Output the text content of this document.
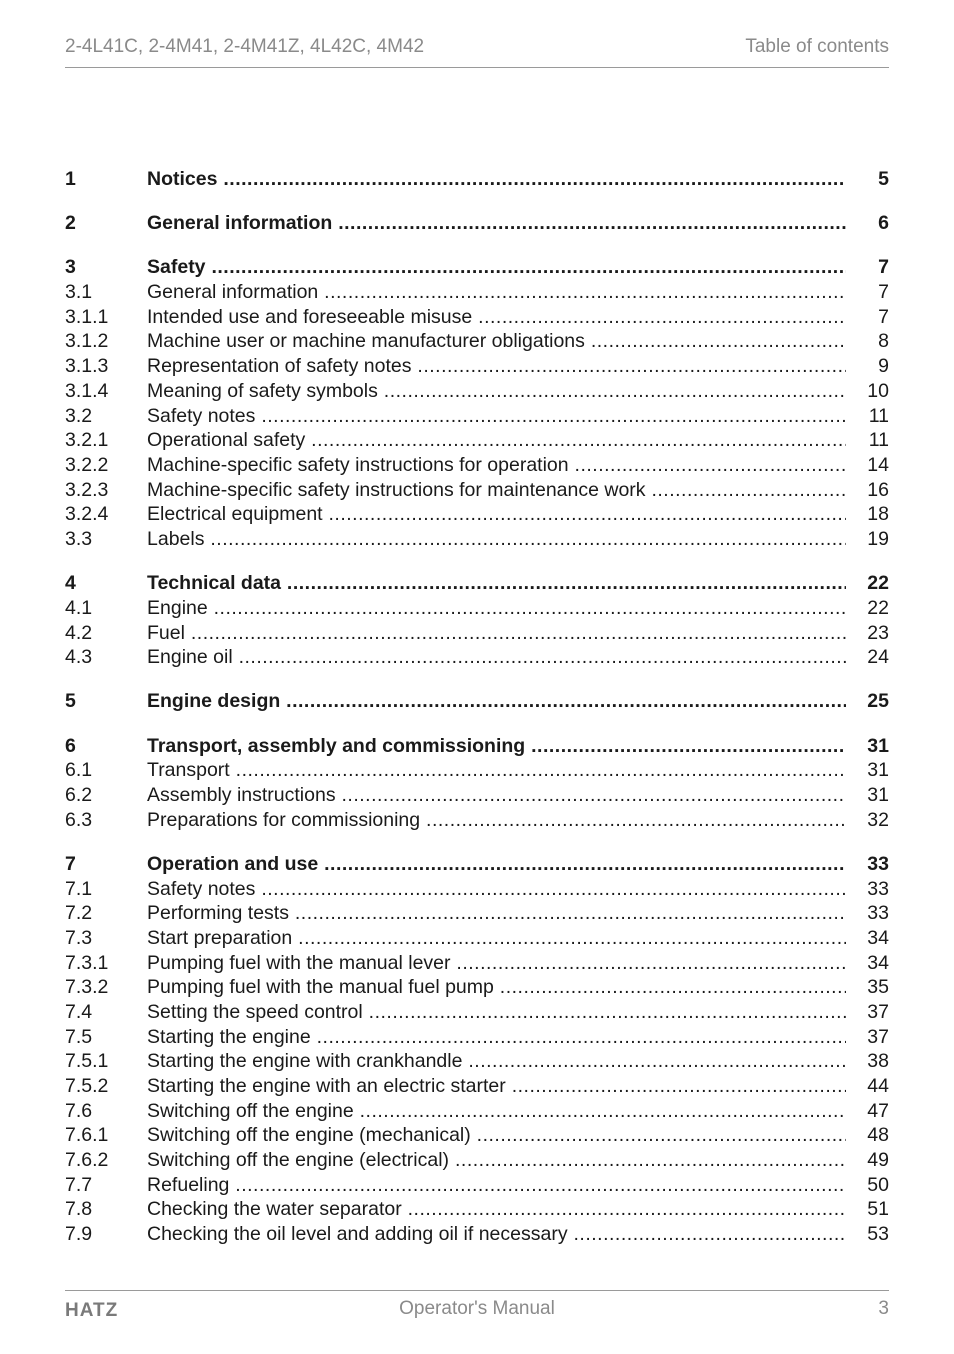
2-4L41C, 2-4M41, 2-4M41Z, 4L42C, 4M42	Table of contents
1	Notices .....	5
2	General information .....	6
3	Safety .....	7
3.1	General information .....	7
3.1.1 Intended use and foreseeable misuse .....	7
3.1.2 Machine user or machine manufacturer obligations .....	8
3.1.3 Representation of safety notes .....	9
3.1.4 Meaning of safety symbols .....	10
3.2	Safety notes .....	11
3.2.1 Operational safety .....	11
3.2.2 Machine-specific safety instructions for operation .....	14
3.2.3 Machine-specific safety instructions for maintenance work .....	16
3.2.4 Electrical equipment .....	18
3.3	Labels .....	19
4	Technical data .....	22
4.1	Engine .....	22
4.2	Fuel .....	23
4.3	Engine oil .....	24
5	Engine design .....	25
6	Transport, assembly and commissioning .....	31
6.1	Transport .....	31
6.2	Assembly instructions .....	31
6.3	Preparations for commissioning .....	32
7	Operation and use .....	33
7.1	Safety notes .....	33
7.2	Performing tests .....	33
7.3	Start preparation .....	34
7.3.1 Pumping fuel with the manual lever .....	34
7.3.2 Pumping fuel with the manual fuel pump .....	35
7.4	Setting the speed control .....	37
7.5	Starting the engine .....	37
7.5.1 Starting the engine with crankhandle .....	38
7.5.2 Starting the engine with an electric starter .....	44
7.6	Switching off the engine .....	47
7.6.1 Switching off the engine (mechanical) .....	48
7.6.2 Switching off the engine (electrical) .....	49
7.7	Refueling .....	50
7.8	Checking the water separator .....	51
7.9	Checking the oil level and adding oil if necessary .....	53
HATZ	Operator's Manual	3
